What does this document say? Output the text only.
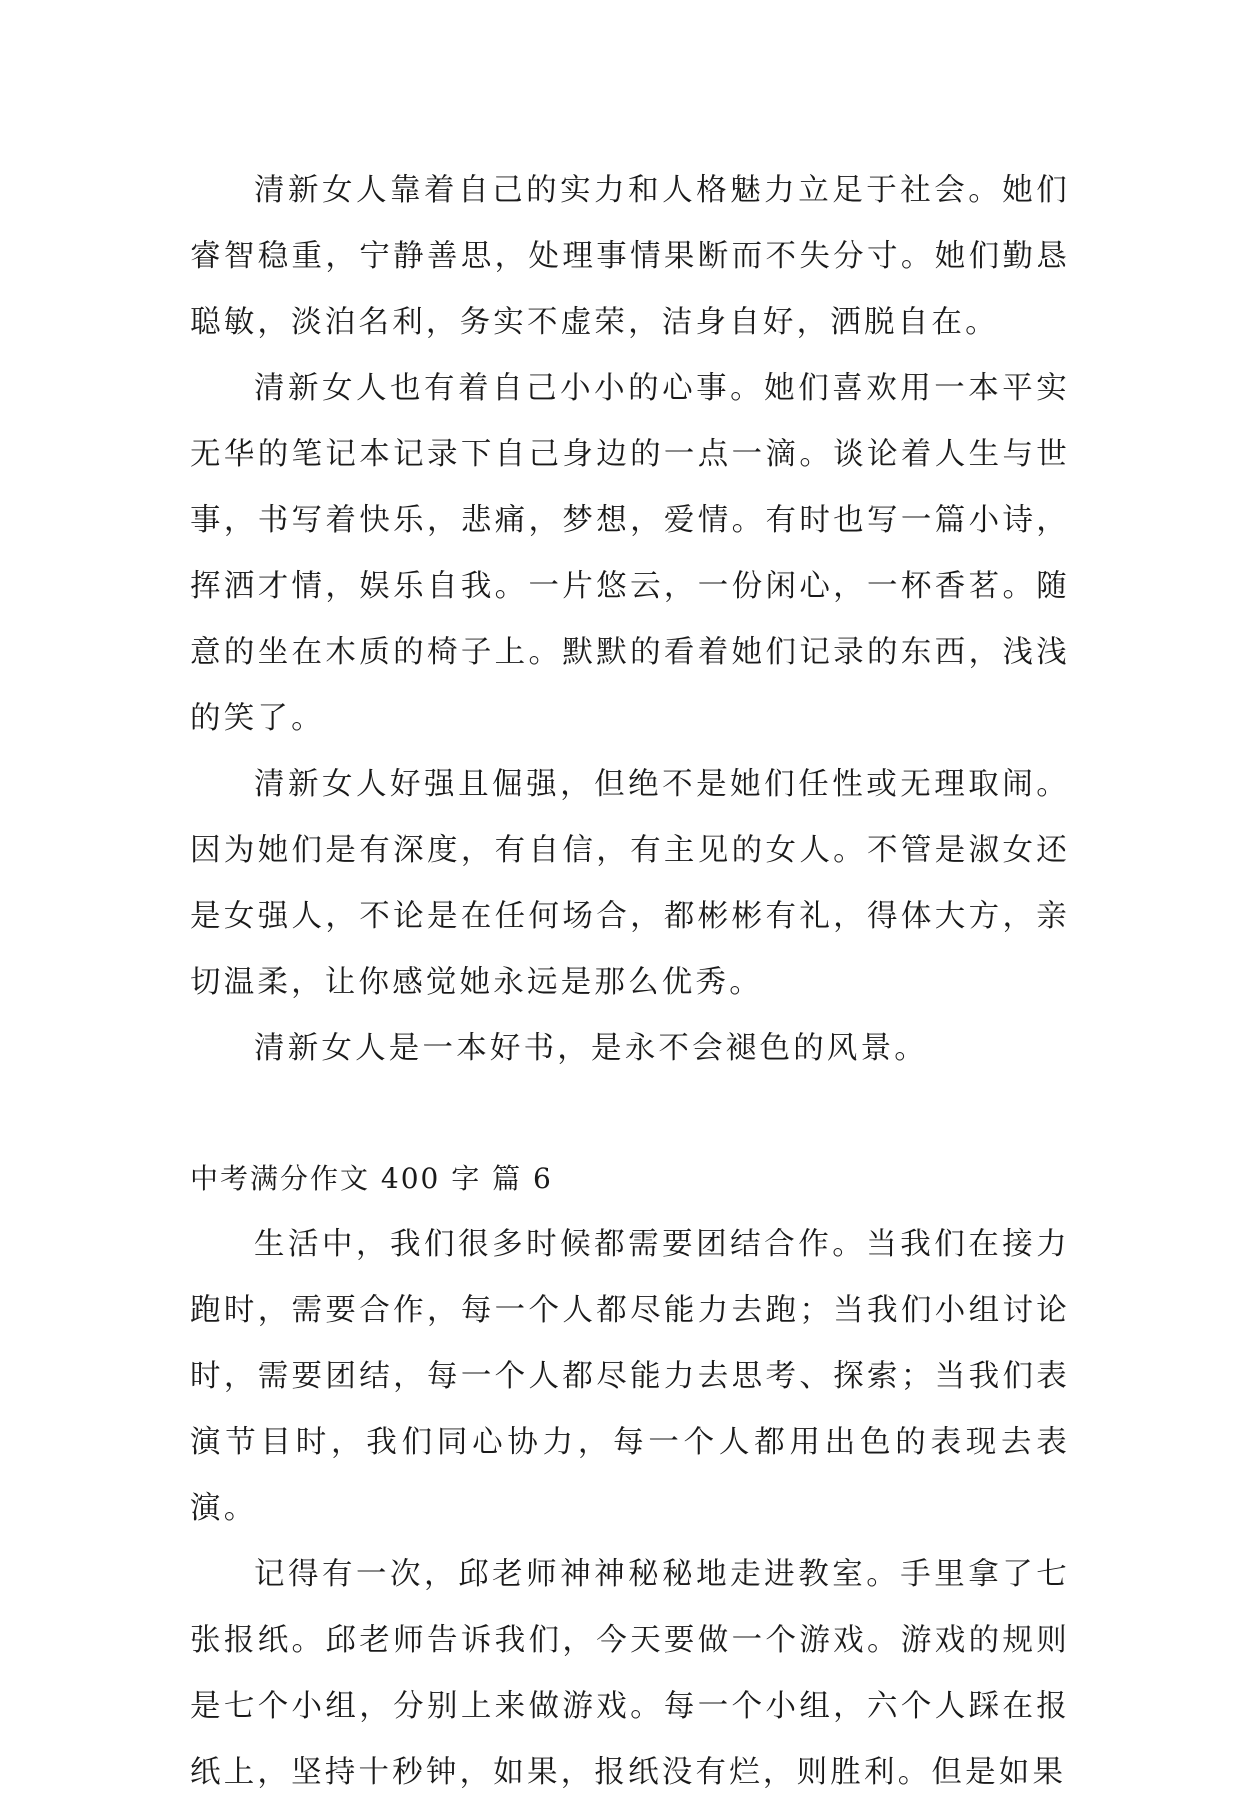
清新女人靠着自己的实力和人格魅力立足于社会。她们睿智稳重，宁静善思，处理事情果断而不失分寸。她们勤恳聪敏，淡泊名利，务实不虚荣，洁身自好，洒脱自在。

清新女人也有着自己小小的心事。她们喜欢用一本平实无华的笔记本记录下自己身边的一点一滴。谈论着人生与世事，书写着快乐，悲痛，梦想，爱情。有时也写一篇小诗，挥洒才情，娱乐自我。一片悠云，一份闲心，一杯香茗。随意的坐在木质的椅子上。默默的看着她们记录的东西，浅浅的笑了。

清新女人好强且倔强，但绝不是她们任性或无理取闹。因为她们是有深度，有自信，有主见的女人。不管是淑女还是女强人，不论是在任何场合，都彬彬有礼，得体大方，亲切温柔，让你感觉她永远是那么优秀。

清新女人是一本好书，是永不会褪色的风景。

中考满分作文 400 字 篇 6

生活中，我们很多时候都需要团结合作。当我们在接力跑时，需要合作，每一个人都尽能力去跑；当我们小组讨论时，需要团结，每一个人都尽能力去思考、探索；当我们表演节目时，我们同心协力，每一个人都用出色的表现去表演。

记得有一次，邱老师神神秘秘地走进教室。手里拿了七张报纸。邱老师告诉我们，今天要做一个游戏。游戏的规则是七个小组，分别上来做游戏。每一个小组，六个人踩在报纸上，坚持十秒钟，如果，报纸没有烂，则胜利。但是如果
